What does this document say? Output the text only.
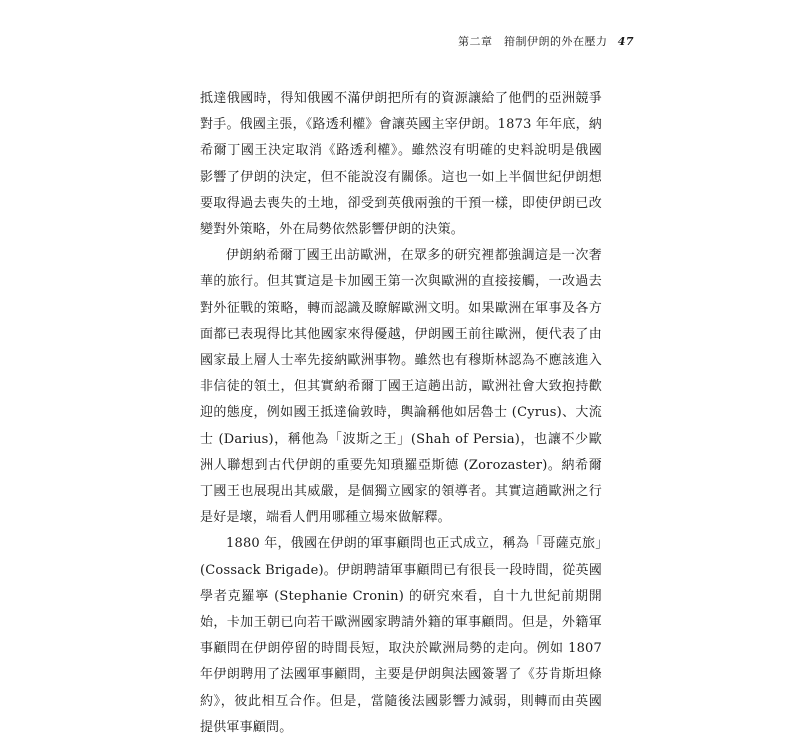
第二章　箝制伊朗的外在壓力 47

抵達俄國時，得知俄國不滿伊朗把所有的資源讓給了他們的亞洲競爭對手。俄國主張，《路透利權》會讓英國主宰伊朗。1873 年年底，納希爾丁國王決定取消《路透利權》。雖然沒有明確的史料說明是俄國影響了伊朗的決定，但不能說沒有關係。這也一如上半個世紀伊朗想要取得過去喪失的土地，卻受到英俄兩強的干預一樣，即使伊朗已改變對外策略，外在局勢依然影響伊朗的決策。

伊朗納希爾丁國王出訪歐洲，在眾多的研究裡都強調這是一次奢華的旅行。但其實這是卡加國王第一次與歐洲的直接接觸，一改過去對外征戰的策略，轉而認識及瞭解歐洲文明。如果歐洲在軍事及各方面都已表現得比其他國家來得優越，伊朗國王前往歐洲，便代表了由國家最上層人士率先接納歐洲事物。雖然也有穆斯林認為不應該進入非信徒的領土，但其實納希爾丁國王這趟出訪，歐洲社會大致抱持歡迎的態度，例如國王抵達倫敦時，輿論稱他如居魯士 (Cyrus)、大流士 (Darius)，稱他為「波斯之王」(Shah of Persia)，也讓不少歐洲人聯想到古代伊朗的重要先知瑣羅亞斯德 (Zorozaster)。納希爾丁國王也展現出其威嚴，是個獨立國家的領導者。其實這趟歐洲之行是好是壞，端看人們用哪種立場來做解釋。

1880 年，俄國在伊朗的軍事顧問也正式成立，稱為「哥薩克旅」(Cossack Brigade)。伊朗聘請軍事顧問已有很長一段時間，從英國學者克羅寧 (Stephanie Cronin) 的研究來看，自十九世紀前期開始，卡加王朝已向若干歐洲國家聘請外籍的軍事顧問。但是，外籍軍事顧問在伊朗停留的時間長短，取決於歐洲局勢的走向。例如 1807 年伊朗聘用了法國軍事顧問，主要是伊朗與法國簽署了《芬肯斯坦條約》，彼此相互合作。但是，當隨後法國影響力減弱，則轉而由英國提供軍事顧問。
